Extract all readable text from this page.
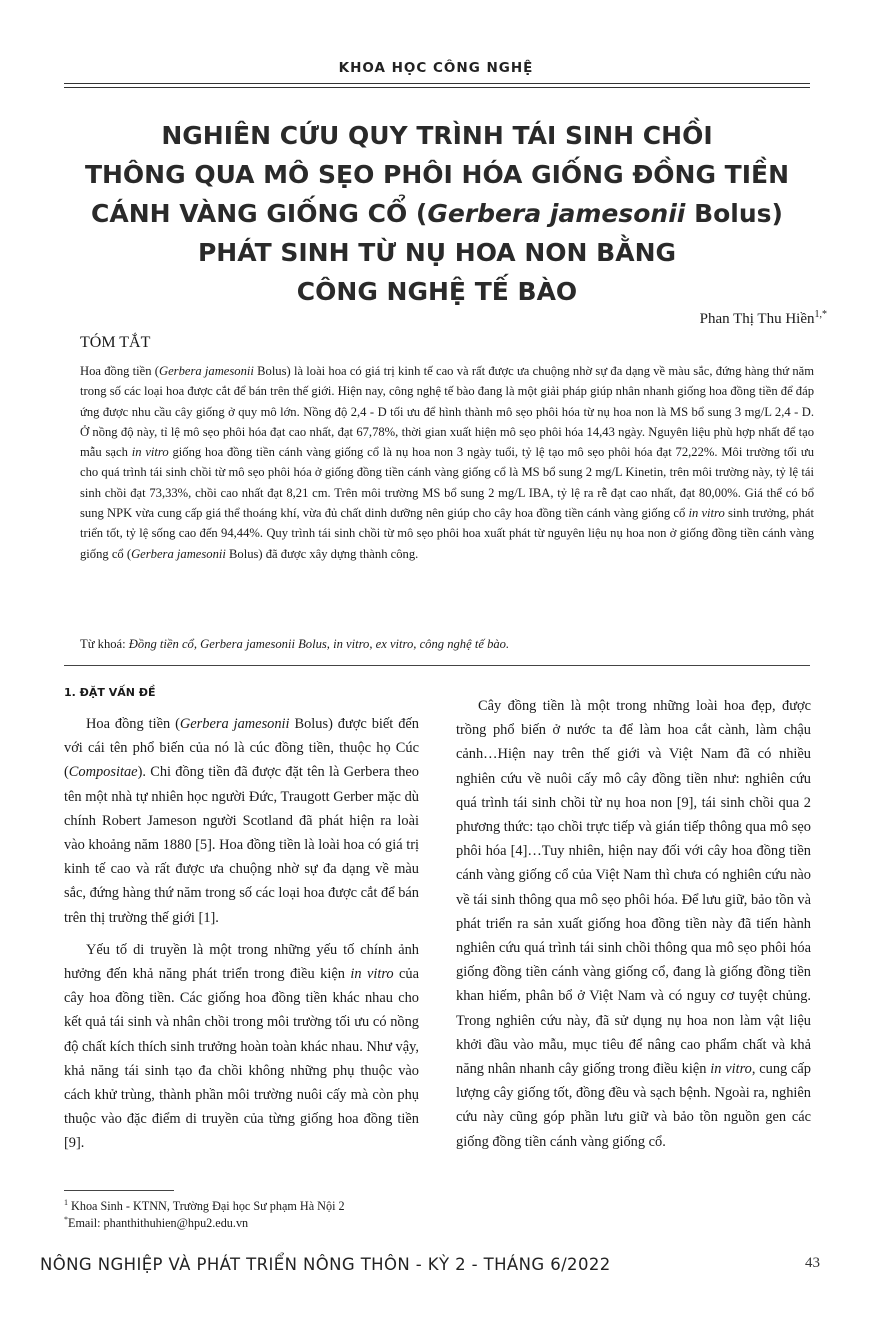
KHOA HỌC CÔNG NGHỆ
NGHIÊN CỨU QUY TRÌNH TÁI SINH CHỒI
THÔNG QUA MÔ SẸO PHÔI HÓA GIỐNG ĐỒNG TIỀN
CÁNH VÀNG GIỐNG CỔ (Gerbera jamesonii Bolus)
PHÁT SINH TỪ NỤ HOA NON BẰNG
CÔNG NGHỆ TẾ BÀO
Phan Thị Thu Hiền$^{1,*}$
TÓM TẮT

Hoa đồng tiền (Gerbera jamesonii Bolus) là loài hoa có giá trị kinh tế cao và rất được ưa chuộng nhờ sự đa dạng về màu sắc, đứng hàng thứ năm trong số các loại hoa được cắt để bán trên thế giới. Hiện nay, công nghệ tế bào đang là một giải pháp giúp nhân nhanh giống hoa đồng tiền để đáp ứng được nhu cầu cây giống ở quy mô lớn. Nồng độ 2,4 - D tối ưu để hình thành mô sẹo phôi hóa từ nụ hoa non là MS bổ sung 3 mg/L 2,4 - D. Ở nồng độ này, tỉ lệ mô sẹo phôi hóa đạt cao nhất, đạt 67,78%, thời gian xuất hiện mô sẹo phôi hóa 14,43 ngày. Nguyên liệu phù hợp nhất để tạo mẫu sạch in vitro giống hoa đồng tiền cánh vàng giống cổ là nụ hoa non 3 ngày tuổi, tỷ lệ tạo mô sẹo phôi hóa đạt 72,22%. Môi trường tối ưu cho quá trình tái sinh chồi từ mô sẹo phôi hóa ở giống đồng tiền cánh vàng giống cổ là MS bổ sung 2 mg/L Kinetin, trên môi trường này, tỷ lệ tái sinh chồi đạt 73,33%, chồi cao nhất đạt 8,21 cm. Trên môi trường MS bổ sung 2 mg/L IBA, tỷ lệ ra rễ đạt cao nhất, đạt 80,00%. Giá thể có bổ sung NPK vừa cung cấp giá thể thoáng khí, vừa đủ chất dinh dưỡng nên giúp cho cây hoa đồng tiền cánh vàng giống cổ in vitro sinh trưởng, phát triển tốt, tỷ lệ sống cao đến 94,44%. Quy trình tái sinh chồi từ mô sẹo phôi hoa xuất phát từ nguyên liệu nụ hoa non ở giống đồng tiền cánh vàng giống cổ (Gerbera jamesonii Bolus) đã được xây dựng thành công.

Từ khoá: Đồng tiền cổ, Gerbera jamesonii Bolus, in vitro, ex vitro, công nghệ tế bào.
1. ĐẶT VẤN ĐỀ

Hoa đồng tiền (Gerbera jamesonii Bolus) được biết đến với cái tên phổ biến của nó là cúc đồng tiền, thuộc họ Cúc (Compositae). Chi đồng tiền đã được đặt tên là Gerbera theo tên một nhà tự nhiên học người Đức, Traugott Gerber mặc dù chính Robert Jameson người Scotland đã phát hiện ra loài vào khoảng năm 1880 [5]. Hoa đồng tiền là loài hoa có giá trị kinh tế cao và rất được ưa chuộng nhờ sự đa dạng về màu sắc, đứng hàng thứ năm trong số các loại hoa được cắt để bán trên thị trường thế giới [1].

Yếu tố di truyền là một trong những yếu tố chính ảnh hưởng đến khả năng phát triển trong điều kiện in vitro của cây hoa đồng tiền. Các giống hoa đồng tiền khác nhau cho kết quả tái sinh và nhân chồi trong môi trường tối ưu có nồng độ chất kích thích sinh trưởng hoàn toàn khác nhau. Như vậy, khả năng tái sinh tạo đa chồi không những phụ thuộc vào cách khử trùng, thành phần môi trường nuôi cấy mà còn phụ thuộc vào đặc điểm di truyền của từng giống hoa đồng tiền [9].

Cây đồng tiền là một trong những loài hoa đẹp, được trồng phổ biến ở nước ta để làm hoa cắt cành, làm chậu cảnh…Hiện nay trên thế giới và Việt Nam đã có nhiều nghiên cứu về nuôi cấy mô cây đồng tiền như: nghiên cứu quá trình tái sinh chồi từ nụ hoa non [9], tái sinh chồi qua 2 phương thức: tạo chồi trực tiếp và gián tiếp thông qua mô sẹo phôi hóa [4]…Tuy nhiên, hiện nay đối với cây hoa đồng tiền cánh vàng giống cổ của Việt Nam thì chưa có nghiên cứu nào về tái sinh thông qua mô sẹo phôi hóa. Để lưu giữ, bảo tồn và phát triển ra sản xuất giống hoa đồng tiền này đã tiến hành nghiên cứu quá trình tái sinh chồi thông qua mô sẹo phôi hóa giống đồng tiền cánh vàng giống cổ, đang là giống đồng tiền khan hiếm, phân bổ ở Việt Nam và có nguy cơ tuyệt chủng. Trong nghiên cứu này, đã sử dụng nụ hoa non làm vật liệu khởi đầu vào mẫu, mục tiêu để nâng cao phẩm chất và khả năng nhân nhanh cây giống trong điều kiện in vitro, cung cấp lượng cây giống tốt, đồng đều và sạch bệnh. Ngoài ra, nghiên cứu này cũng góp phần lưu giữ và bảo tồn nguồn gen các giống đồng tiền cánh vàng giống cổ.

$^1$ Khoa Sinh - KTNN, Trường Đại học Sư phạm Hà Nội 2
*Email: phanthithuhien@hpu2.edu.vn
NÔNG NGHIỆP VÀ PHÁT TRIỂN NÔNG THÔN - KỲ 2 - THÁNG 6/2022	43
